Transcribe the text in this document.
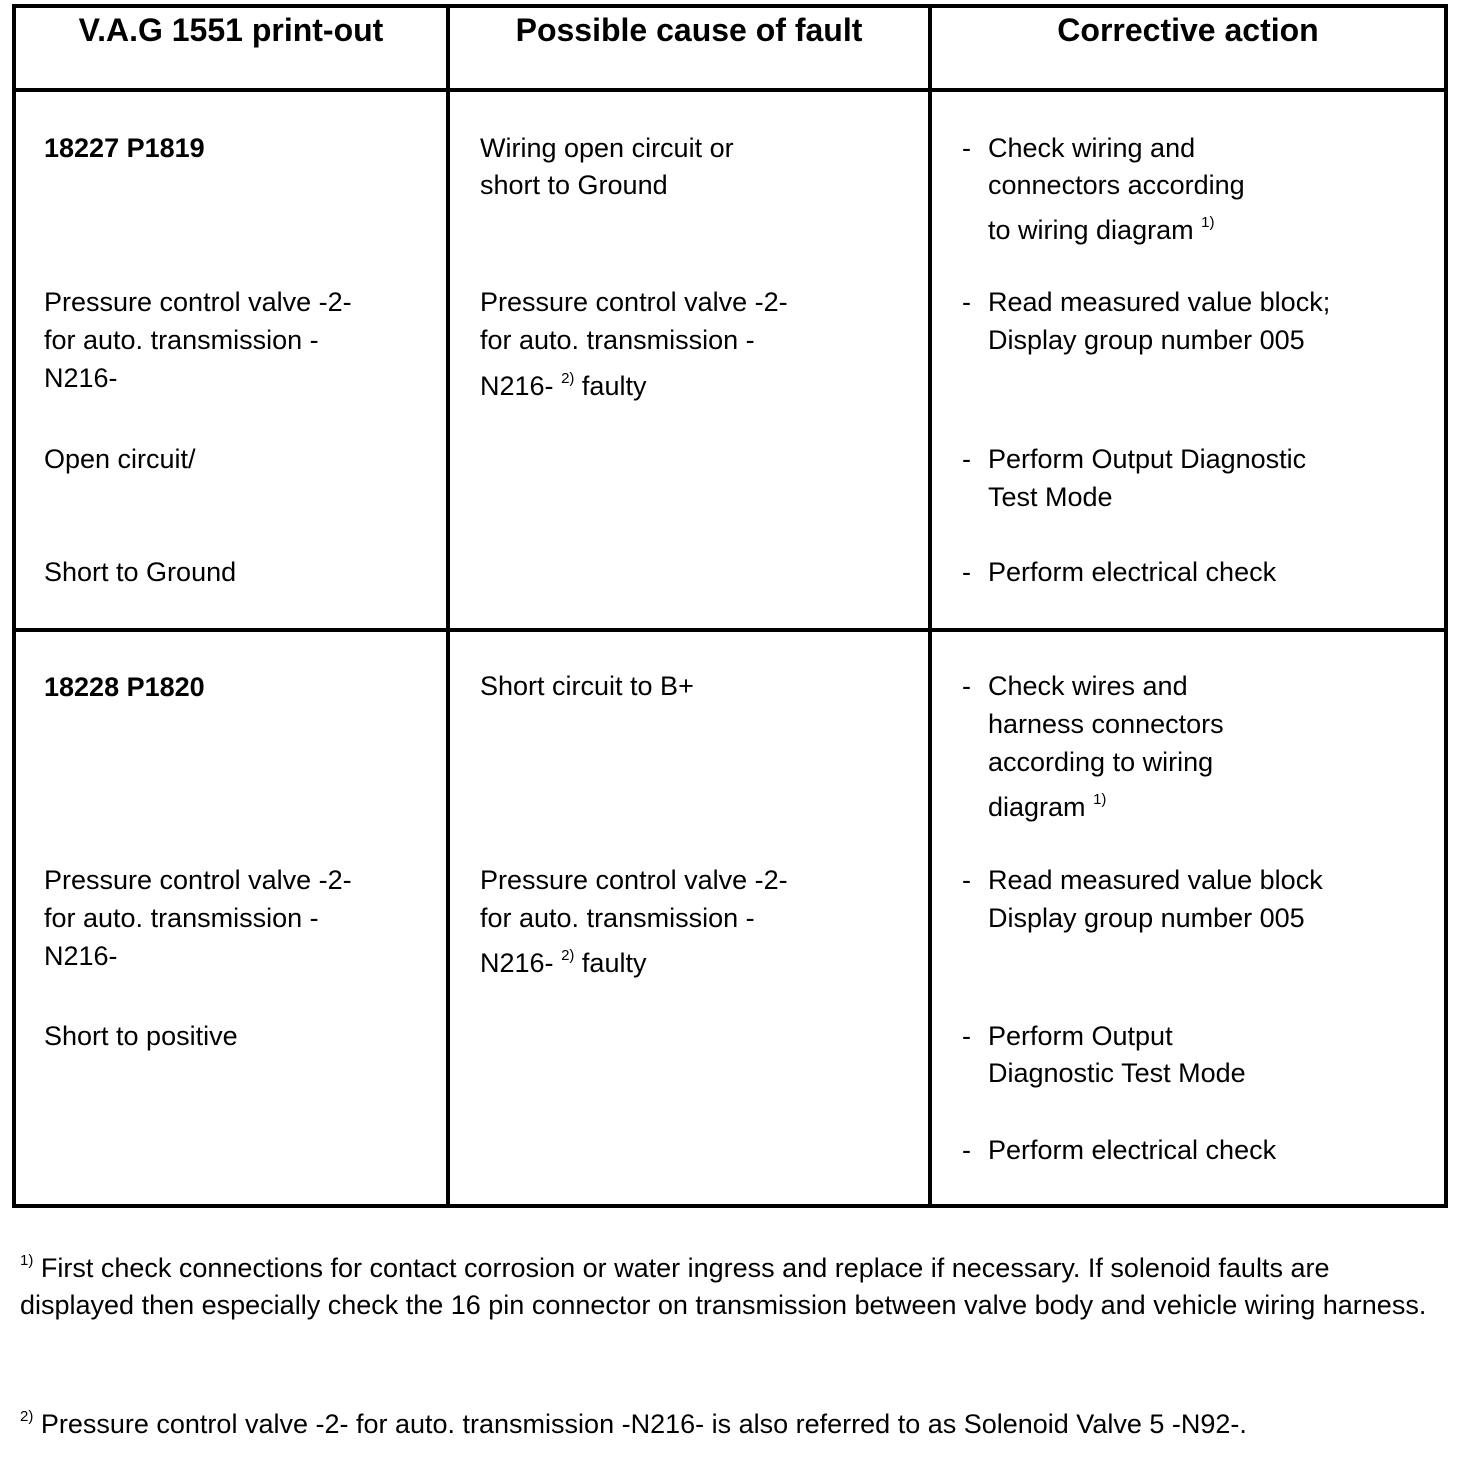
V.A.G 1551 print-out	Possible cause of fault	Corrective action

18227 P1819

Pressure control valve -2-

for auto. transmission -

N216-

Open circuit/

Short to Ground

Wiring open circuit or

short to Ground

Pressure control valve -2-

for auto. transmission -

N216- $^{2)}$ faulty

- Check wiring and

connectors according

to wiring diagram $^{1)}$

- Read measured value block;

Display group number 005

- Perform Output Diagnostic

Test Mode

- Perform electrical check

18228 P1820

Pressure control valve -2-

for auto. transmission -

N216-

Short to positive

Short circuit to B+

Pressure control valve -2-

for auto. transmission -

N216- $^{2)}$ faulty

- Check wires and

harness connectors

according to wiring

diagram $^{1)}$

- Read measured value block

Display group number 005

- Perform Output

Diagnostic Test Mode

- Perform electrical check

$^{1)}$ First check connections for contact corrosion or water ingress and replace if necessary. If solenoid faults are displayed then especially check the 16 pin connector on transmission between valve body and vehicle wiring harness.

$^{2)}$ Pressure control valve -2- for auto. transmission -N216- is also referred to as Solenoid Valve 5 -N92-.
